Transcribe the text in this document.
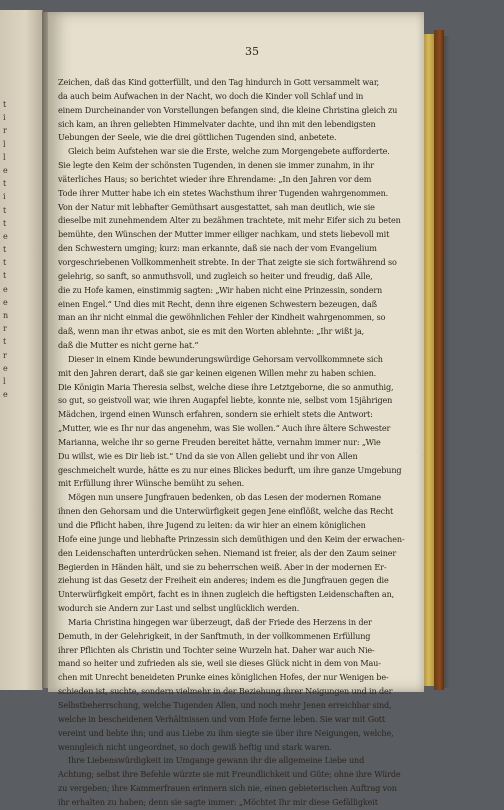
t
i
r
l
l
e
t
i
t
t
e
t
t
t
e
e
n
r
t
r
e
l
e
35
Zeichen, daß das Kind gotterfüllt, und den Tag hindurch in Gott versammelt war,
da auch beim Aufwachen in der Nacht, wo doch die Kinder voll Schlaf und in
einem Durcheinander von Vorstellungen befangen sind, die kleine Christina gleich zu
sich kam, an ihren geliebten Himmelvater dachte, und ihn mit den lebendigsten
Uebungen der Seele, wie die drei göttlichen Tugenden sind, anbetete.
Gleich beim Aufstehen war sie die Erste, welche zum Morgengebete aufforderte.
Sie legte den Keim der schönsten Tugenden, in denen sie immer zunahm, in ihr
väterliches Haus; so berichtet wieder ihre Ehrendame: „In den Jahren vor dem
Tode ihrer Mutter habe ich ein stetes Wachsthum ihrer Tugenden wahrgenommen.
Von der Natur mit lebhafter Gemüthsart ausgestattet, sah man deutlich, wie sie
dieselbe mit zunehmendem Alter zu bezähmen trachtete, mit mehr Eifer sich zu beten
bemühte, den Wünschen der Mutter immer eiliger nachkam, und stets liebevoll mit
den Schwestern umging; kurz: man erkannte, daß sie nach der vom Evangelium
vorgeschriebenen Vollkommenheit strebte. In der That zeigte sie sich fortwährend so
gelehrig, so sanft, so anmuthsvoll, und zugleich so heiter und freudig, daß Alle,
die zu Hofe kamen, einstimmig sagten: „Wir haben nicht eine Prinzessin, sondern
einen Engel.“ Und dies mit Recht, denn ihre eigenen Schwestern bezeugen, daß
man an ihr nicht einmal die gewöhnlichen Fehler der Kindheit wahrgenommen, so
daß, wenn man ihr etwas anbot, sie es mit den Worten ablehnte: „Ihr wißt ja,
daß die Mutter es nicht gerne hat.“
Dieser in einem Kinde bewunderungswürdige Gehorsam vervollkommnete sich
mit den Jahren derart, daß sie gar keinen eigenen Willen mehr zu haben schien.
Die Königin Maria Theresia selbst, welche diese ihre Letztgeborne, die so anmuthig,
so gut, so geistvoll war, wie ihren Augapfel liebte, konnte nie, selbst vom 15jährigen
Mädchen, irgend einen Wunsch erfahren, sondern sie erhielt stets die Antwort:
„Mutter, wie es Ihr nur das angenehm, was Sie wollen.“ Auch ihre ältere Schwester
Marianna, welche ihr so gerne Freuden bereitet hätte, vernahm immer nur: „Wie
Du willst, wie es Dir lieb ist.“ Und da sie von Allen geliebt und ihr von Allen
geschmeichelt wurde, hätte es zu nur eines Blickes bedurft, um ihre ganze Umgebung
mit Erfüllung ihrer Wünsche bemüht zu sehen.
Mögen nun unsere Jungfrauen bedenken, ob das Lesen der modernen Romane
ihnen den Gehorsam und die Unterwürfigkeit gegen Jene einflößt, welche das Recht
und die Pflicht haben, ihre Jugend zu leiten: da wir hier an einem königlichen
Hofe eine junge und liebhafte Prinzessin sich demüthigen und den Keim der erwachen-
den Leidenschaften unterdrücken sehen. Niemand ist freier, als der den Zaum seiner
Begierden in Händen hält, und sie zu beherrschen weiß. Aber in der modernen Er-
ziehung ist das Gesetz der Freiheit ein anderes; indem es die Jungfrauen gegen die
Unterwürfigkeit empört, facht es in ihnen zugleich die heftigsten Leidenschaften an,
wodurch sie Andern zur Last und selbst unglücklich werden.
Maria Christina hingegen war überzeugt, daß der Friede des Herzens in der
Demuth, in der Gelehrigkeit, in der Sanftmuth, in der vollkommenen Erfüllung
ihrer Pflichten als Christin und Tochter seine Wurzeln hat. Daher war auch Nie-
mand so heiter und zufrieden als sie, weil sie dieses Glück nicht in dem von Mau-
chen mit Unrecht beneideten Prunke eines königlichen Hofes, der nur Wenigen be-
schieden ist, suchte, sondern vielmehr in der Beziehung ihrer Neigungen und in der
Selbstbeherrschung, welche Tugenden Allen, und noch mehr Jenen erreichbar sind,
welche in bescheidenen Verhältnissen und vom Hofe ferne leben. Sie war mit Gott
vereint und liebte ihn; und aus Liebe zu ihm siegte sie über ihre Neigungen, welche,
wenngleich nicht ungeordnet, so doch gewiß heftig und stark waren.
Ihre Liebenswürdigkeit im Umgange gewann ihr die allgemeine Liebe und
Achtung; selbst ihre Befehle würzte sie mit Freundlichkeit und Güte; ohne ihre Würde
zu vergeben; ihre Kammerfrauen erinnern sich nie, einen gebieterischen Auftrag von
ihr erhalten zu haben; denn sie sagte immer: „Möchtet Ihr mir diese Gefälligkeit
